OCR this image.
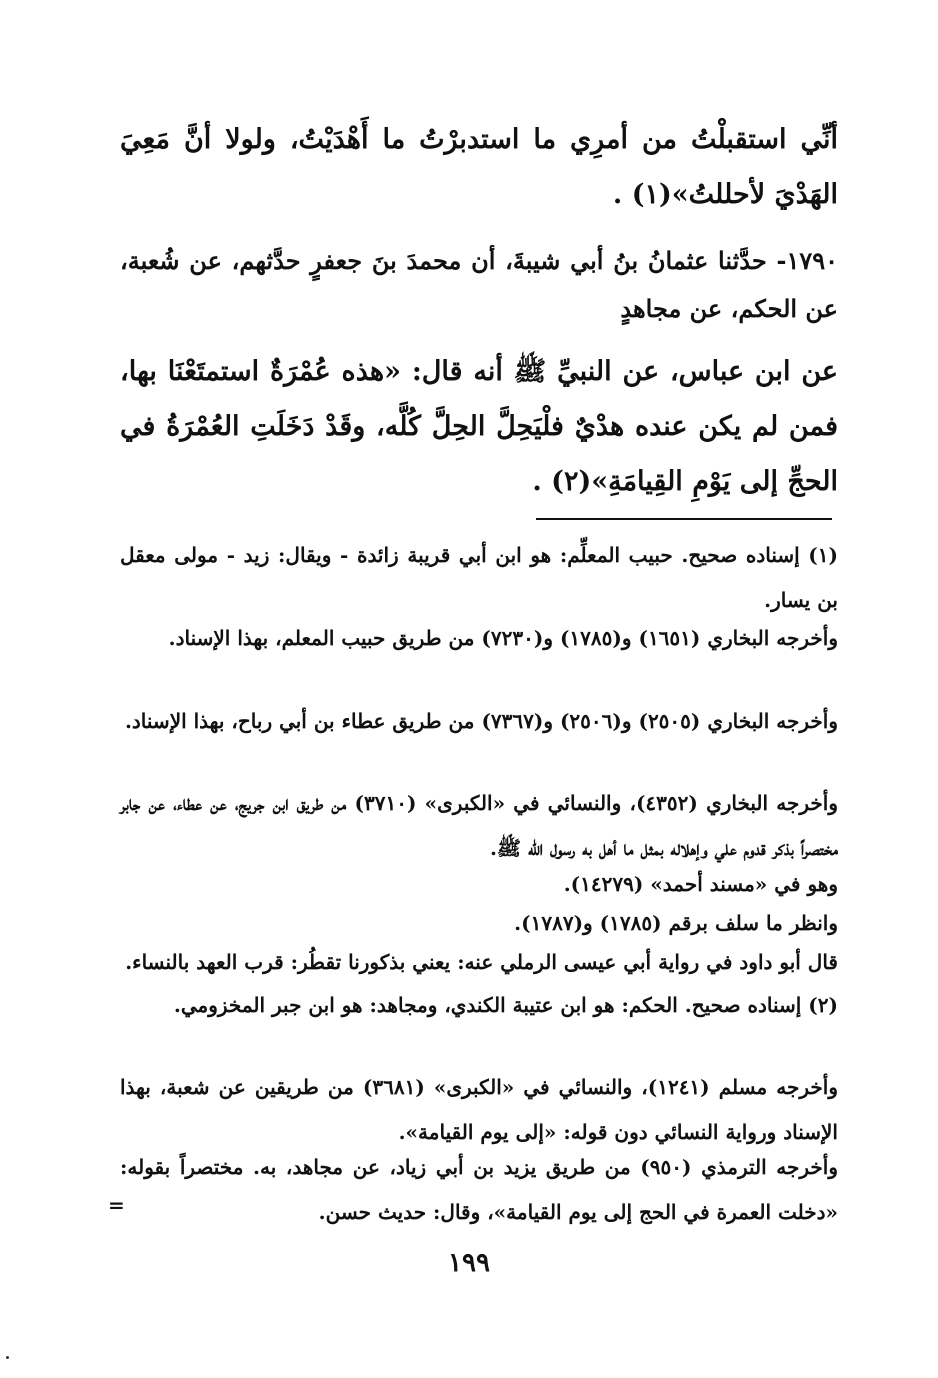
أنِّي استقبلْتُ من أمرِي ما استدبرْتُ ما أَهْدَيْتُ، ولولا أنَّ مَعِيَ الهَدْيَ لأحللتُ»(١) .

١٧٩٠- حدَّثنا عثمانُ بنُ أبي شيبةَ، أن محمدَ بنَ جعفرٍ حدَّثهم، عن شُعبة، عن الحكم، عن مجاهدٍ

عن ابن عباس، عن النبيِّ ﷺ أنه قال: «هذه عُمْرَةٌ استمتَعْنَا بها، فمن لم يكن عنده هدْيٌ فلْيَحِلَّ الحِلَّ كُلَّه، وقَدْ دَخَلَتِ العُمْرَةُ في الحجِّ إلى يَوْمِ القِيامَةِ»(٢) .

(١) إسناده صحيح. حبيب المعلِّم: هو ابن أبي قريبة زائدة - ويقال: زيد - مولى معقل بن يسار.

وأخرجه البخاري (١٦٥١) و(١٧٨٥) و(٧٢٣٠) من طريق حبيب المعلم، بهذا الإسناد.

وأخرجه البخاري (٢٥٠٥) و(٢٥٠٦) و(٧٣٦٧) من طريق عطاء بن أبي رباح، بهذا الإسناد.

وأخرجه البخاري (٤٣٥٢)، والنسائي في «الكبرى» (٣٧١٠) من طريق ابن جريج، عن عطاء، عن جابر مختصراً بذكر قدوم علي وإهلاله بمثل ما أهل به رسول الله ﷺ.

وهو في «مسند أحمد» (١٤٢٧٩).

وانظر ما سلف برقم (١٧٨٥) و(١٧٨٧).

قال أبو داود في رواية أبي عيسى الرملي عنه: يعني بذكورنا تقطُر: قرب العهد بالنساء.

(٢) إسناده صحيح. الحكم: هو ابن عتيبة الكندي، ومجاهد: هو ابن جبر المخزومي.

وأخرجه مسلم (١٢٤١)، والنسائي في «الكبرى» (٣٦٨١) من طريقين عن شعبة، بهذا الإسناد ورواية النسائي دون قوله: «إلى يوم القيامة».

وأخرجه الترمذي (٩٥٠) من طريق يزيد بن أبي زياد، عن مجاهد، به. مختصراً بقوله: «دخلت العمرة في الحج إلى يوم القيامة»، وقال: حديث حسن.

=
١٩٩
